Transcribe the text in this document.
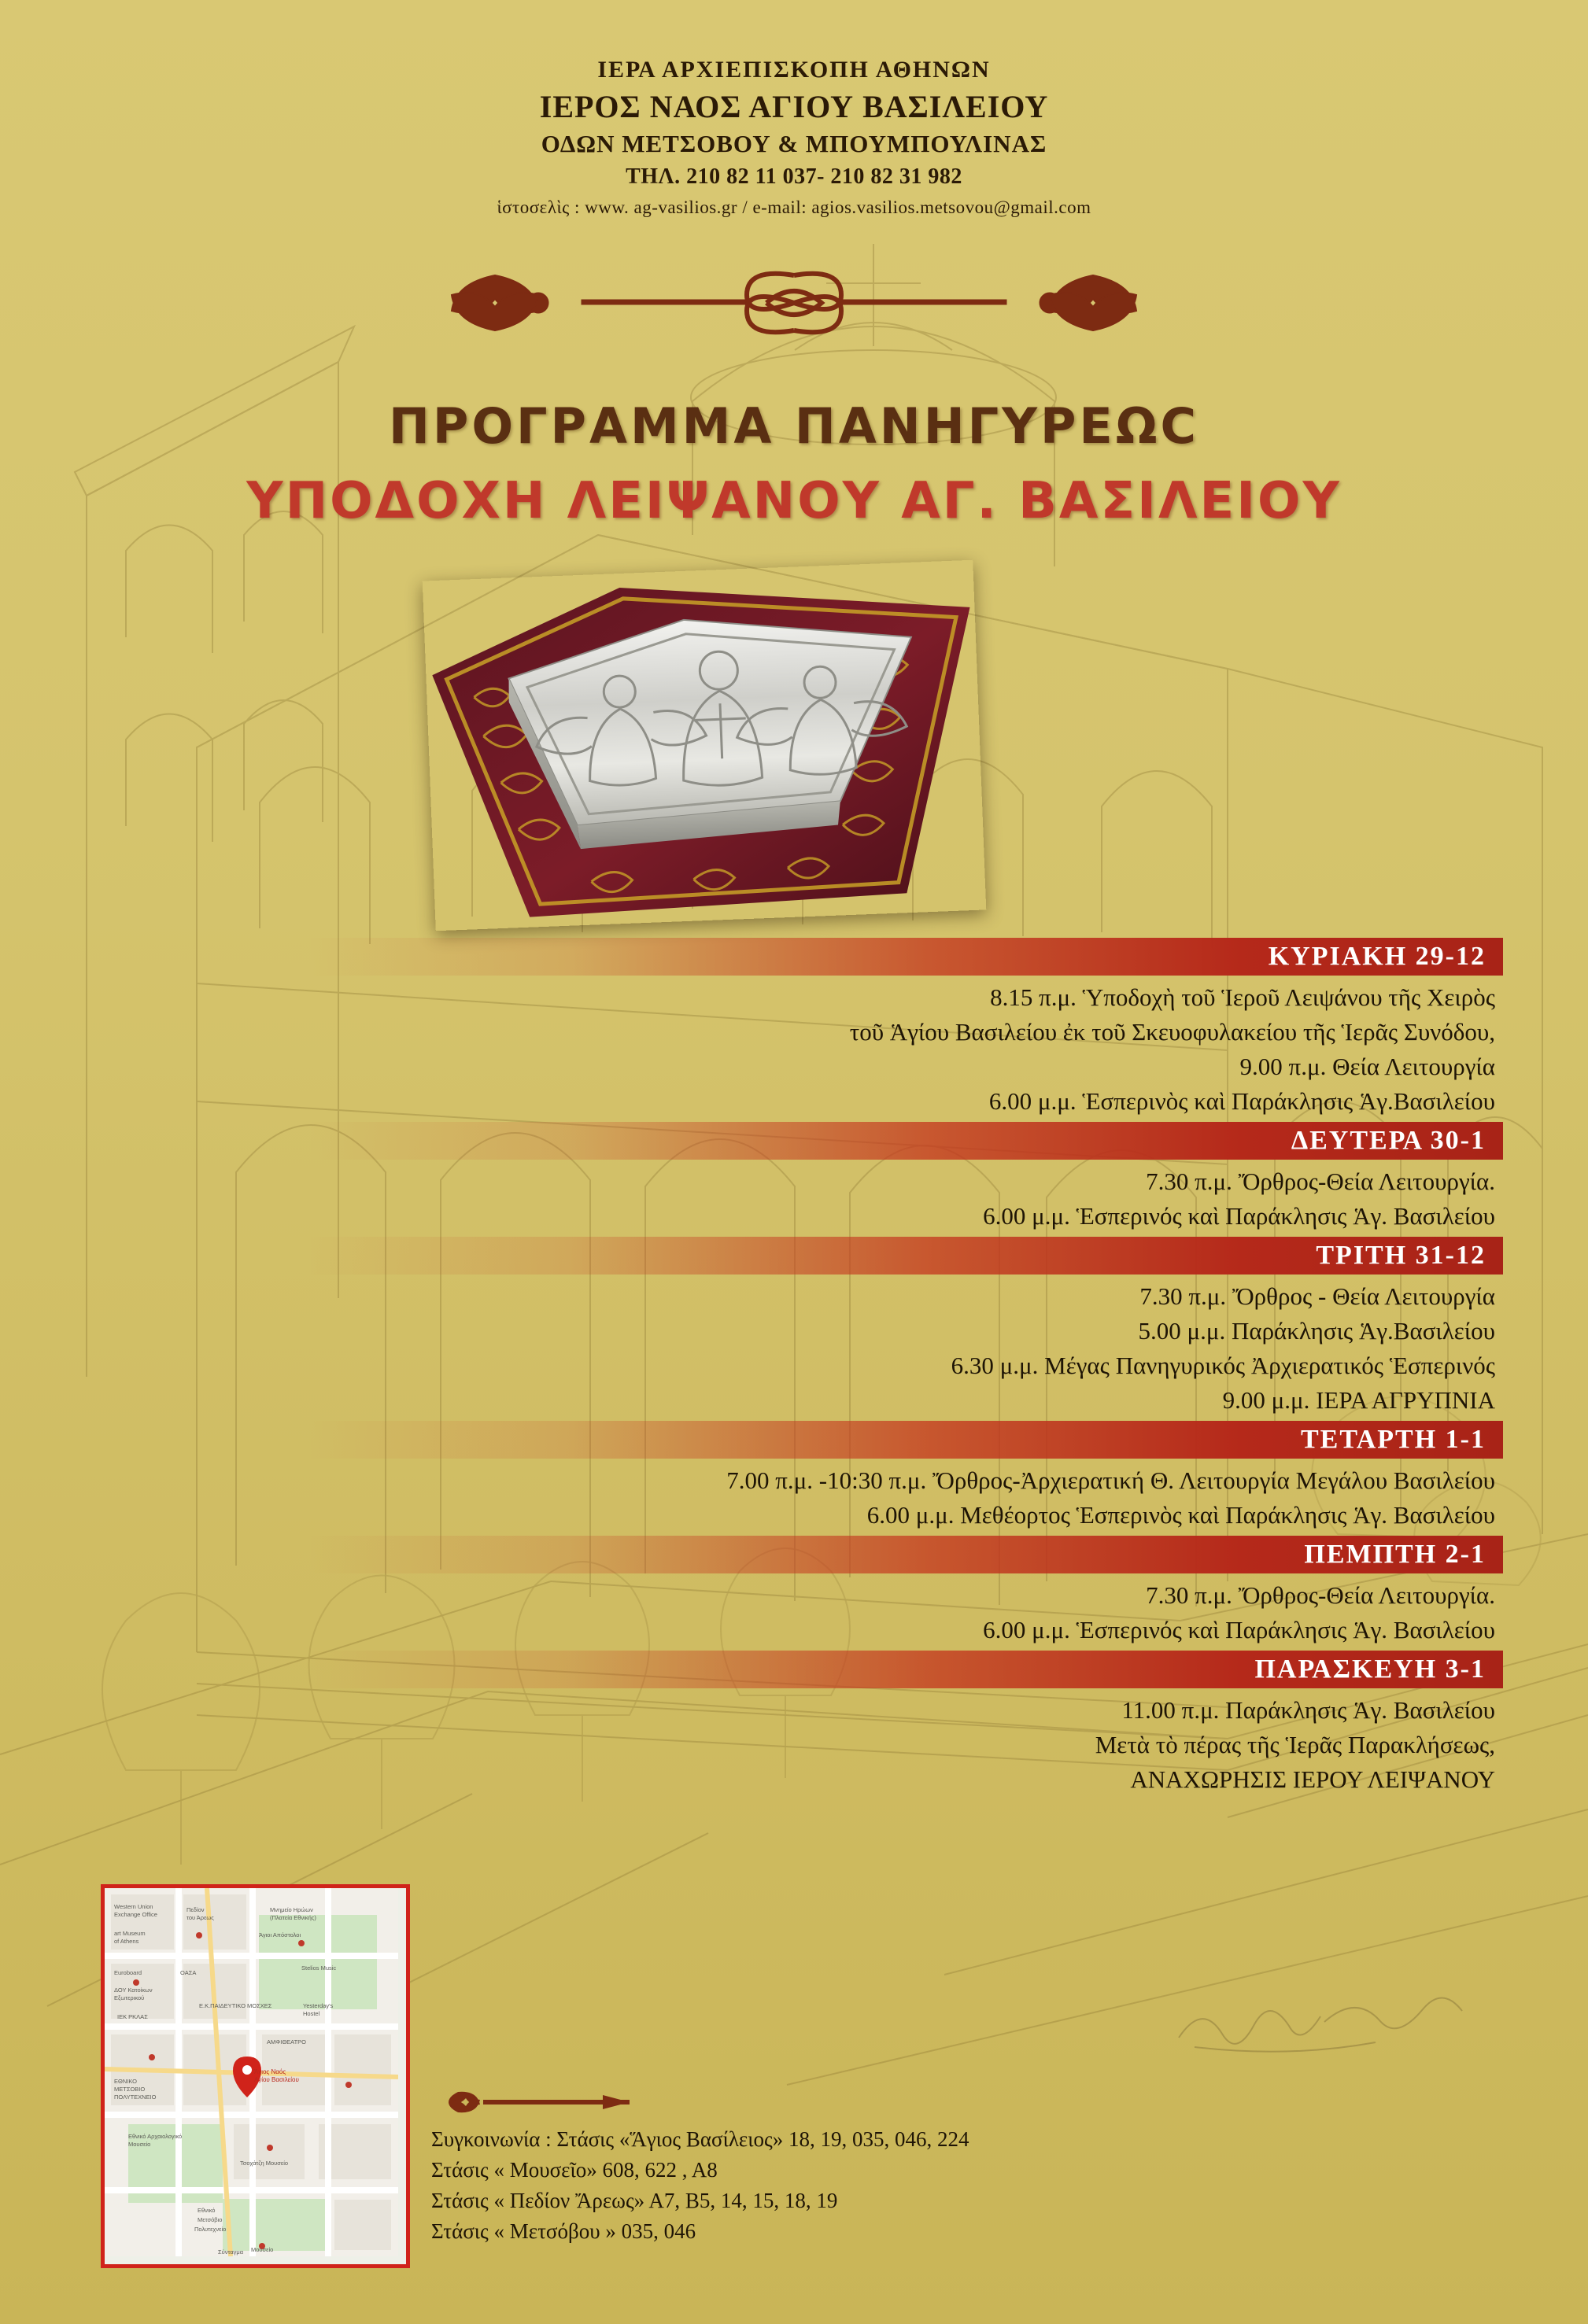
ΙΕΡΑ ΑΡΧΙΕΠΙΣΚΟΠΗ ΑΘΗΝΩΝ
ΙΕΡΟΣ ΝΑΟΣ ΑΓΙΟΥ ΒΑΣΙΛΕΙΟΥ
ΟΔΩΝ ΜΕΤΣΟΒΟΥ & ΜΠΟΥΜΠΟΥΛΙΝΑΣ
ΤΗΛ. 210 82 11 037- 210 82 31 982
ἱστοσελὶς : www. ag-vasilios.gr / e-mail: agios.vasilios.metsovou@gmail.com
ΠΡΟΓΡΑΜΜΑ ΠΑΝΗΓΥΡΕΩϹ
ΥΠΟΔΟΧΗ ΛΕΙΨΑΝΟΥ ΑΓ. ΒΑΣΙΛΕΙΟΥ
ΚΥΡΙΑΚΗ 29-12
8.15 π.μ. Ὑποδοχὴ τοῦ Ἱεροῦ Λειψάνου τῆς Χειρὸς
τοῦ Ἁγίου Βασιλείου ἐκ τοῦ Σκευοφυλακείου τῆς Ἱερᾶς Συνόδου,
9.00 π.μ. Θεία Λειτουργία
6.00 μ.μ. Ἑσπερινὸς καὶ Παράκλησις Ἁγ.Βασιλείου
ΔΕΥΤΕΡΑ 30-1
7.30 π.μ. Ὄρθρος-Θεία Λειτουργία.
6.00 μ.μ. Ἑσπερινός καὶ Παράκλησις Ἁγ. Βασιλείου
ΤΡΙΤΗ 31-12
7.30 π.μ. Ὄρθρος - Θεία Λειτουργία
5.00 μ.μ. Παράκλησις Ἁγ.Βασιλείου
6.30 μ.μ. Μέγας Πανηγυρικός Ἀρχιερατικός Ἑσπερινός
9.00 μ.μ. ΙΕΡΑ ΑΓΡΥΠΝΙΑ
ΤΕΤΑΡΤΗ 1-1
7.00 π.μ. -10:30 π.μ. Ὄρθρος-Ἀρχιερατική Θ. Λειτουργία Μεγάλου Βασιλείου
6.00 μ.μ. Μεθέορτος Ἑσπερινὸς καὶ Παράκλησις Ἁγ. Βασιλείου
ΠΕΜΠΤΗ 2-1
7.30 π.μ. Ὄρθρος-Θεία Λειτουργία.
6.00 μ.μ. Ἑσπερινός καὶ Παράκλησις Ἁγ. Βασιλείου
ΠΑΡΑΣΚΕΥΗ 3-1
11.00 π.μ. Παράκλησις Ἁγ. Βασιλείου
Μετὰ τὸ πέρας τῆς Ἱερᾶς Παρακλήσεως,
ΑΝΑΧΩΡΗΣΙΣ ΙΕΡΟΥ ΛΕΙΨΑΝΟΥ
Άγιος Ναός
Αγίου Βασιλείου
Western Union
Exchange Office
art Museum
of Athens
Πεδίον
του Άρεως
Μνημείο Ηρώων
(Πλατεία Εθνικής)
Άγιοι Απόστολοι
Stelios Music
Euroboard
ΔΟΥ Κατοίκων
Εξωτερικού
ΙΕΚ ΡΚΛΑΣ
ΟΑΣΑ
Ε.Κ.ΠΑΙΔΕΥΤΙΚΟ ΜΟΣΧΕΣ	Yesterday's
Hostel
ΑΜΦΙΘΕΑΤΡΟ
ΕΘΝΙΚΟ
ΜΕΤΣΟΒΙΟ
ΠΟΛΥΤΕΧΝΕΙΟ
Εθνικό Αρχαιολογικό
Μουσείο
Τσοχάτζη Μουσείο
Εθνικό
Μετσόβιο
Πολυτεχνείο
Μουσείο
Σύνταγμα
Συγκοινωνία : Στάσις «Ἅγιος Βασίλειος» 18, 19, 035, 046, 224
Στάσις « Μουσεῖο» 608, 622 , Α8
Στάσις « Πεδίον Ἄρεως» Α7, Β5, 14, 15, 18, 19
Στάσις « Μετσόβου » 035, 046
